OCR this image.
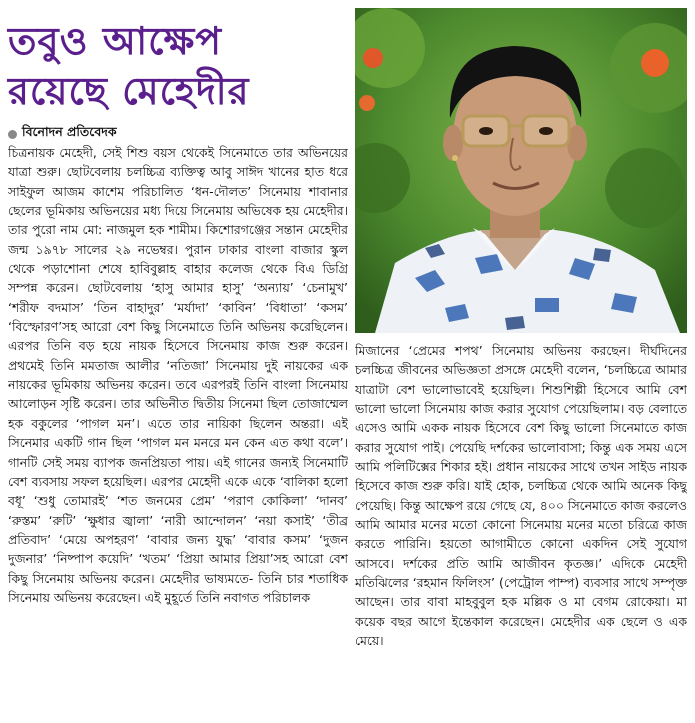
তবুও আক্ষেপ
রয়েছে মেহেদীর
বিনোদন প্রতিবেদক

চিত্রনায়ক মেহেদী, সেই শিশু বয়স থেকেই সিনেমাতে তার অভিনয়ের যাত্রা শুরু। ছোটবেলায় চলচ্চিত্র ব্যক্তিত্ব আবু সাঈদ খানের হাত ধরে সাইফুল আজম কাশেম পরিচালিত ‘ধন-দৌলত’ সিনেমায় শাবানার ছেলের ভূমিকায় অভিনয়ের মধ্য দিয়ে সিনেমায় অভিষেক হয় মেহেদীর। তার পুরো নাম মো: নাজমুল হক শামীম। কিশোরগঞ্জের সন্তান মেহেদীর জন্ম ১৯৭৮ সালের ২৯ নভেম্বর। পুরান ঢাকার বাংলা বাজার স্কুল থেকে পড়াশোনা শেষে হাবিবুল্লাহ বাহার কলেজ থেকে বিএ ডিগ্রি সম্পন্ন করেন। ছোটবেলায় ‘হাসু আমার হাসু’ ‘অন্যায়’ ‘চেনামুখ’ ‘শরীফ বদমাস’ ‘তিন বাহাদুর’ ‘মর্যাদা’ ‘কাবিন’ ‘বিধাতা’ ‘কসম’ ‘বিস্ফোরণ’সহ আরো বেশ কিছু সিনেমাতে তিনি অভিনয় করেছিলেন। এরপর তিনি বড় হয়ে নায়ক হিসেবে সিনেমায় কাজ শুরু করেন। প্রথমেই তিনি মমতাজ আলীর ‘নতিজা’ সিনেমায় দুই নায়কের এক নায়কের ভূমিকায় অভিনয় করেন। তবে এরপরই তিনি বাংলা সিনেমায় আলোড়ন সৃষ্টি করেন। তার অভিনীত দ্বিতীয় সিনেমা ছিল তোজাম্মেল হক বকুলের ‘পাগল মন’। এতে তার নায়িকা ছিলেন অন্তরা। এই সিনেমার একটি গান ছিল ‘পাগল মন মনরে মন কেন এত কথা বলে’। গানটি সেই সময় ব্যাপক জনপ্রিয়তা পায়। এই গানের জন্যই সিনেমাটি বেশ ব্যবসায় সফল হয়েছিল। এরপর মেহেদী একে একে ‘বালিকা হলো বধূ’ ‘শুধু তোমারই’ ‘শত জনমের প্রেম’ ‘পরাণ কোকিলা’ ‘দানব’ ‘রুস্তম’ ‘রুটি’ ‘ক্ষুধার জ্বালা’ ‘নারী আন্দোলন’ ‘নয়া কসাই’ ‘তীব্র প্রতিবাদ’ ‘মেয়ে অপহরণ’ ‘বাবার জন্য যুদ্ধ’ ‘বাবার কসম’ ‘দুজন দুজনার’ ‘নিষ্পাপ কয়েদি’ ‘খতম’ ‘প্রিয়া আমার প্রিয়া’সহ আরো বেশ কিছু সিনেমায় অভিনয় করেন। মেহেদীর ভাষ্যমতে- তিনি চার শতাধিক সিনেমায় অভিনয় করেছেন। এই মুহূর্তে তিনি নবাগত পরিচালক

মিজানের ‘প্রেমের শপথ’ সিনেমায় অভিনয় করছেন। দীর্ঘদিনের চলচ্চিত্র জীবনের অভিজ্ঞতা প্রসঙ্গে মেহেদী বলেন, ‘চলচ্চিত্রে আমার যাত্রাটা বেশ ভালোভাবেই হয়েছিল। শিশুশিল্পী হিসেবে আমি বেশ ভালো ভালো সিনেমায় কাজ করার সুযোগ পেয়েছিলাম। বড় বেলাতে এসেও আমি একক নায়ক হিসেবে বেশ কিছু ভালো সিনেমাতে কাজ করার সুযোগ পাই। পেয়েছি দর্শকের ভালোবাসা; কিন্তু এক সময় এসে আমি পলিটিক্সের শিকার হই। প্রধান নায়কের সাথে তখন সাইড নায়ক হিসেবে কাজ শুরু করি। যাই হোক, চলচ্চিত্র থেকে আমি অনেক কিছু পেয়েছি। কিন্তু আক্ষেপ রয়ে গেছে যে, ৪০০ সিনেমাতে কাজ করলেও আমি আমার মনের মতো কোনো সিনেমায় মনের মতো চরিত্রে কাজ করতে পারিনি। হয়তো আগামীতে কোনো একদিন সেই সুযোগ আসবে। দর্শকের প্রতি আমি আজীবন কৃতজ্ঞ।’ এদিকে মেহেদী মতিঝিলের ‘রহমান ফিলিংস’ (পেট্রোল পাম্প) ব্যবসার সাথে সম্পৃক্ত আছেন। তার বাবা মাহবুবুল হক মল্লিক ও মা বেগম রোকেয়া। মা কয়েক বছর আগে ইন্তেকাল করেছেন। মেহেদীর এক ছেলে ও এক মেয়ে।
